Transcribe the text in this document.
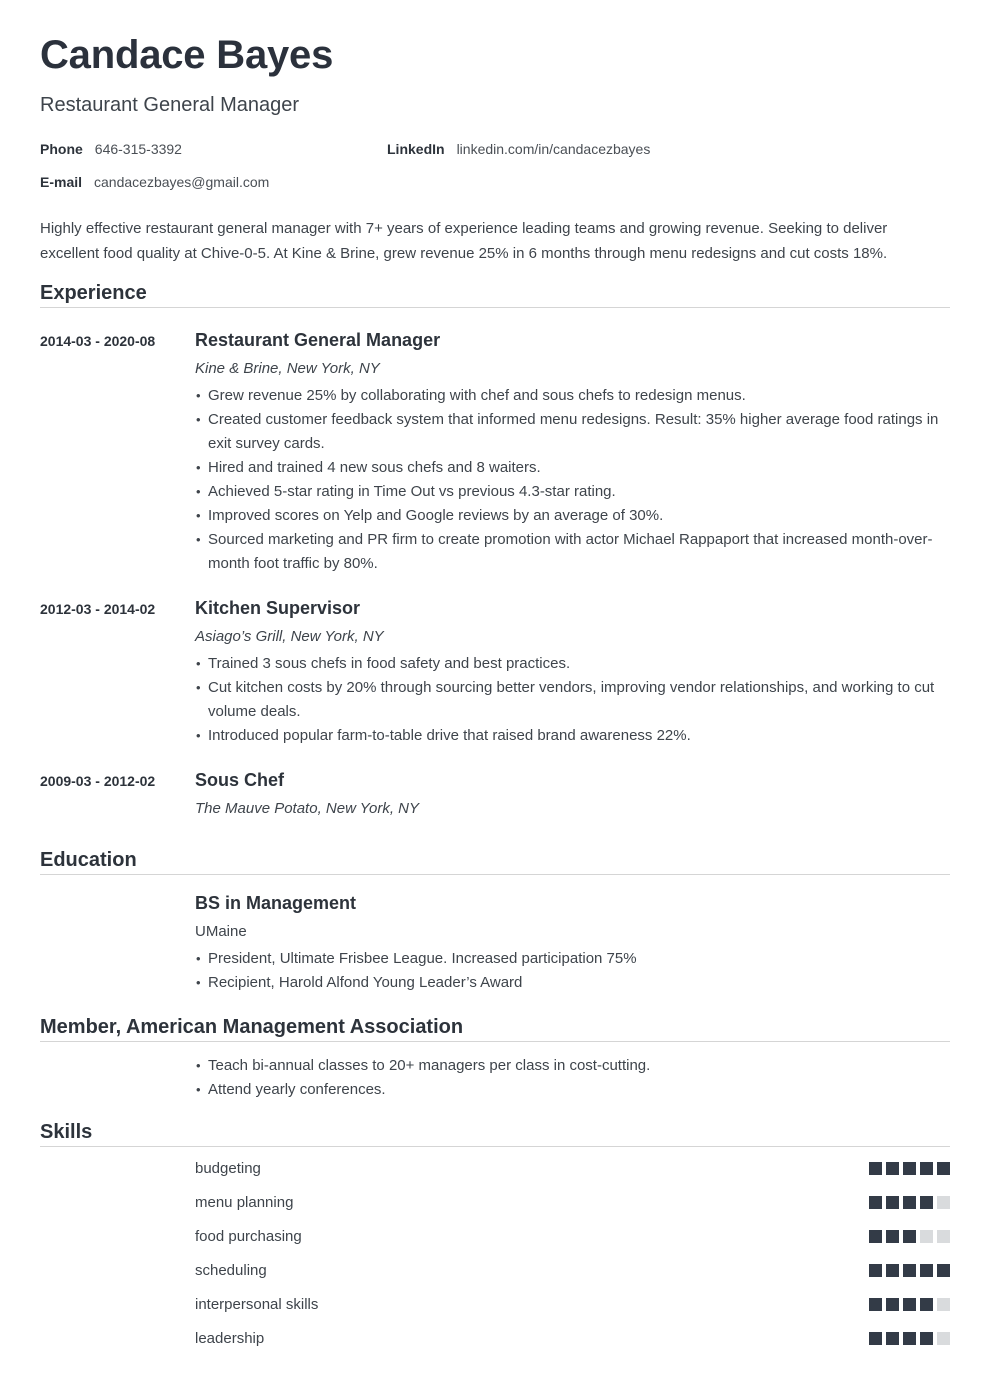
Candace Bayes
Restaurant General Manager
Phone 646-315-3392	LinkedIn linkedin.com/in/candacezbayes
E-mail candacezbayes@gmail.com

Highly effective restaurant general manager with 7+ years of experience leading teams and growing revenue. Seeking to deliver excellent food quality at Chive-0-5. At Kine & Brine, grew revenue 25% in 6 months through menu redesigns and cut costs 18%.

Experience
2014-03 - 2020-08	Restaurant General Manager
Kine & Brine, New York, NY
• Grew revenue 25% by collaborating with chef and sous chefs to redesign menus.
• Created customer feedback system that informed menu redesigns. Result: 35% higher average food ratings in exit survey cards.
• Hired and trained 4 new sous chefs and 8 waiters.
• Achieved 5-star rating in Time Out vs previous 4.3-star rating.
• Improved scores on Yelp and Google reviews by an average of 30%.
• Sourced marketing and PR firm to create promotion with actor Michael Rappaport that increased month-over-month foot traffic by 80%.
2012-03 - 2014-02	Kitchen Supervisor
Asiago’s Grill, New York, NY
• Trained 3 sous chefs in food safety and best practices.
• Cut kitchen costs by 20% through sourcing better vendors, improving vendor relationships, and working to cut volume deals.
• Introduced popular farm-to-table drive that raised brand awareness 22%.
2009-03 - 2012-02	Sous Chef
The Mauve Potato, New York, NY
Education
BS in Management
UMaine
• President, Ultimate Frisbee League. Increased participation 75%
• Recipient, Harold Alfond Young Leader’s Award
Member, American Management Association
• Teach bi-annual classes to 20+ managers per class in cost-cutting.
• Attend yearly conferences.
Skills
budgeting
menu planning
food purchasing
scheduling
interpersonal skills
leadership
